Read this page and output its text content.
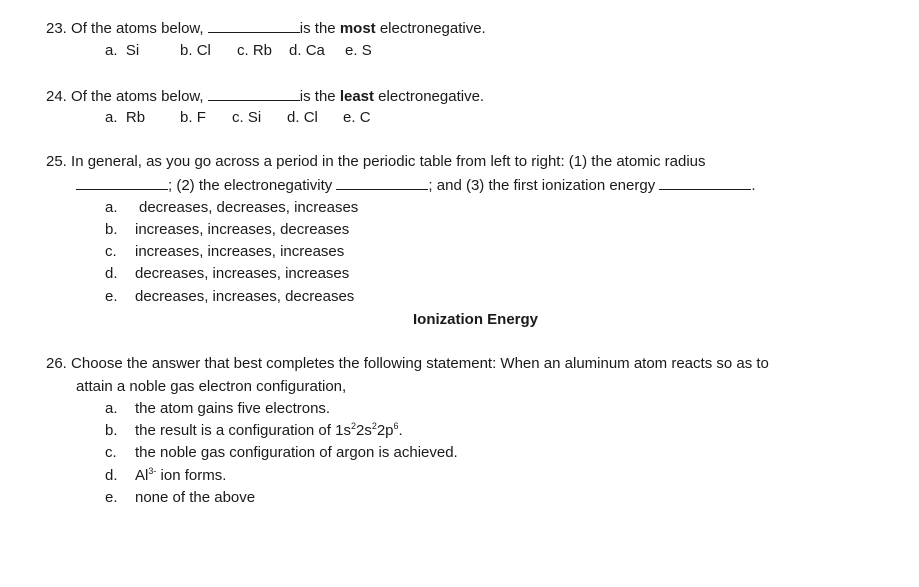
23. Of the atoms below,	is the most electronegative.
a. Si	b. Cl c. Rb d. Ca e. S
24. Of the atoms below,	is the least electronegative.
a. Rb b. F c. Si d. Cl e. C
25. In general, as you go across a period in the periodic table from left to right: (1) the atomic radius
; (2) the electronegativity	; and (3) the first ionization energy	.
a.	decreases, decreases, increases
b.	increases, increases, decreases
c.	increases, increases, increases
d.	decreases, increases, increases
e.	decreases, increases, decreases
Ionization Energy
26. Choose the answer that best completes the following statement: When an aluminum atom reacts so as to
attain a noble gas electron configuration,
a.	the atom gains five electrons.
b.	the result is a configuration of $1s^22s^22p^6$.
c.	the noble gas configuration of argon is achieved.
d.	$Al^{3-}$ ion forms.
e.	none of the above
